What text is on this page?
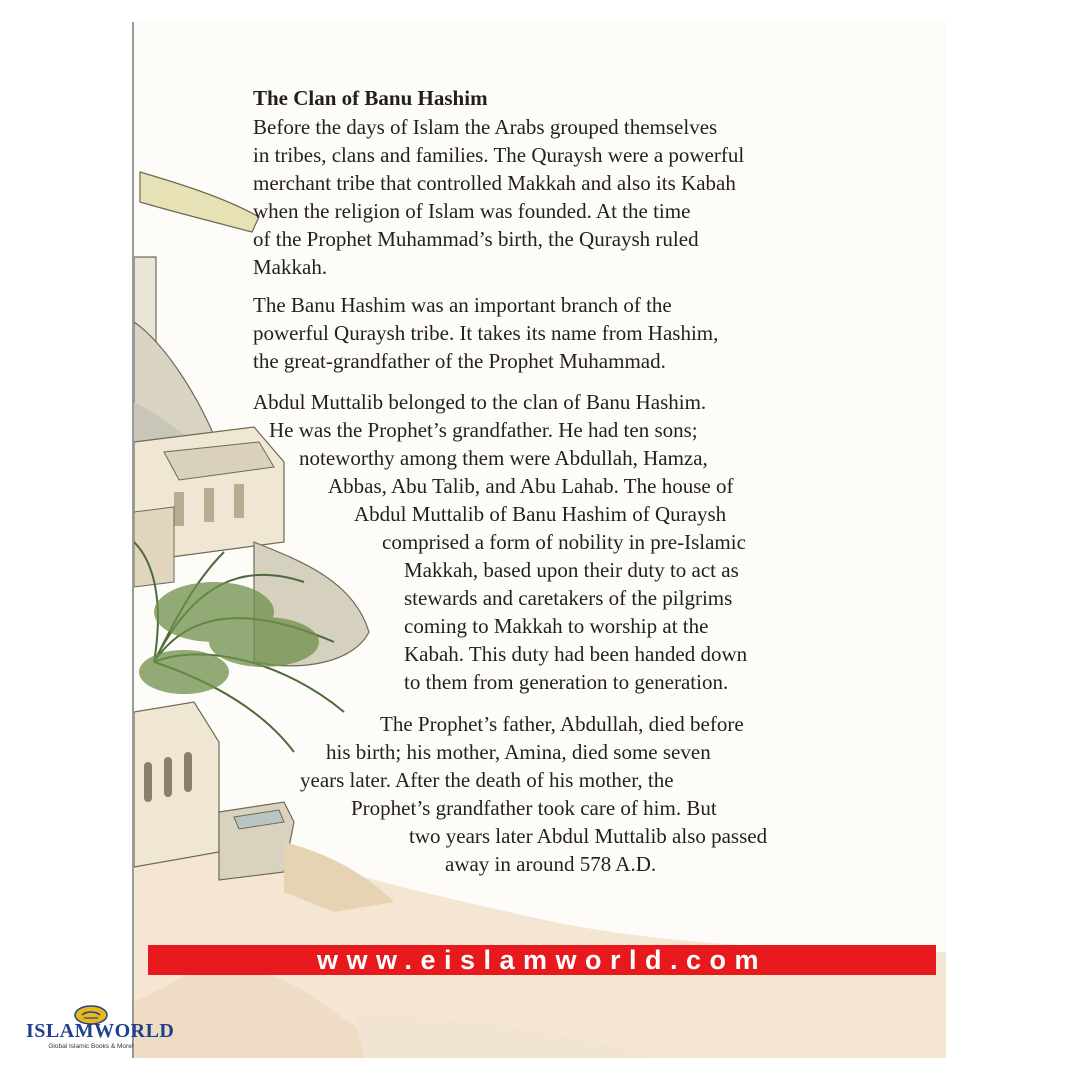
The Clan of Banu Hashim
Before the days of Islam the Arabs grouped themselves
in tribes, clans and families. The Quraysh were a powerful
merchant tribe that controlled Makkah and also its Kabah
when the religion of Islam was founded. At the time
of the Prophet Muhammad’s birth, the Quraysh ruled
Makkah.
The Banu Hashim was an important branch of the
powerful Quraysh tribe. It takes its name from Hashim,
the great-grandfather of the Prophet Muhammad.
Abdul Muttalib belonged to the clan of Banu Hashim.
He was the Prophet’s grandfather. He had ten sons;
noteworthy among them were Abdullah, Hamza,
Abbas, Abu Talib, and Abu Lahab. The house of
Abdul Muttalib of Banu Hashim of Quraysh
comprised a form of nobility in pre-Islamic
Makkah, based upon their duty to act as
stewards and caretakers of the pilgrims
coming to Makkah to worship at the
Kabah. This duty had been handed down
to them from generation to generation.
The Prophet’s father, Abdullah, died before
his birth; his mother, Amina, died some seven
years later. After the death of his mother, the
Prophet’s grandfather took care of him. But
two years later Abdul Muttalib also passed
away in around 578 A.D.
www.eislamworld.com
ISLAMWORLD
Global Islamic Books & More!
